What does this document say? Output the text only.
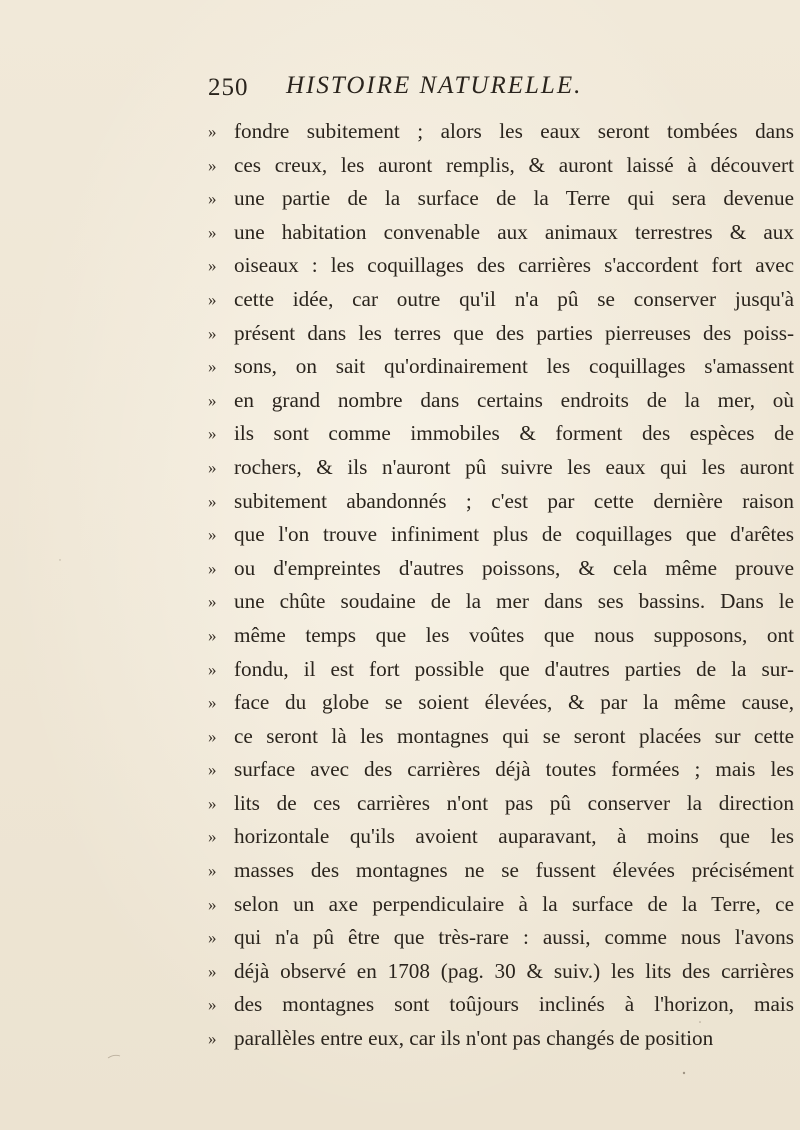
250 HISTOIRE NATURELLE.
» fondre subitement ; alors les eaux seront tombées dans
» ces creux, les auront remplis, & auront laissé à découvert
» une partie de la surface de la Terre qui sera devenue
» une habitation convenable aux animaux terrestres & aux
» oiseaux : les coquillages des carrières s'accordent fort avec
» cette idée, car outre qu'il n'a pû se conserver jusqu'à
» présent dans les terres que des parties pierreuses des poiss-
» sons, on sait qu'ordinairement les coquillages s'amassent
» en grand nombre dans certains endroits de la mer, où
» ils sont comme immobiles & forment des espèces de
» rochers, & ils n'auront pû suivre les eaux qui les auront
» subitement abandonnés ; c'est par cette dernière raison
» que l'on trouve infiniment plus de coquillages que d'arêtes
» ou d'empreintes d'autres poissons, & cela même prouve
» une chûte soudaine de la mer dans ses bassins. Dans le
» même temps que les voûtes que nous supposons, ont
» fondu, il est fort possible que d'autres parties de la sur-
» face du globe se soient élevées, & par la même cause,
» ce seront là les montagnes qui se seront placées sur cette
» surface avec des carrières déjà toutes formées ; mais les
» lits de ces carrières n'ont pas pû conserver la direction
» horizontale qu'ils avoient auparavant, à moins que les
» masses des montagnes ne se fussent élevées précisément
» selon un axe perpendiculaire à la surface de la Terre, ce
» qui n'a pû être que très-rare : aussi, comme nous l'avons
» déjà observé en 1708 (pag. 30 & suiv.) les lits des carrières
» des montagnes sont toûjours inclinés à l'horizon, mais
» parallèles entre eux, car ils n'ont pas changés de position
